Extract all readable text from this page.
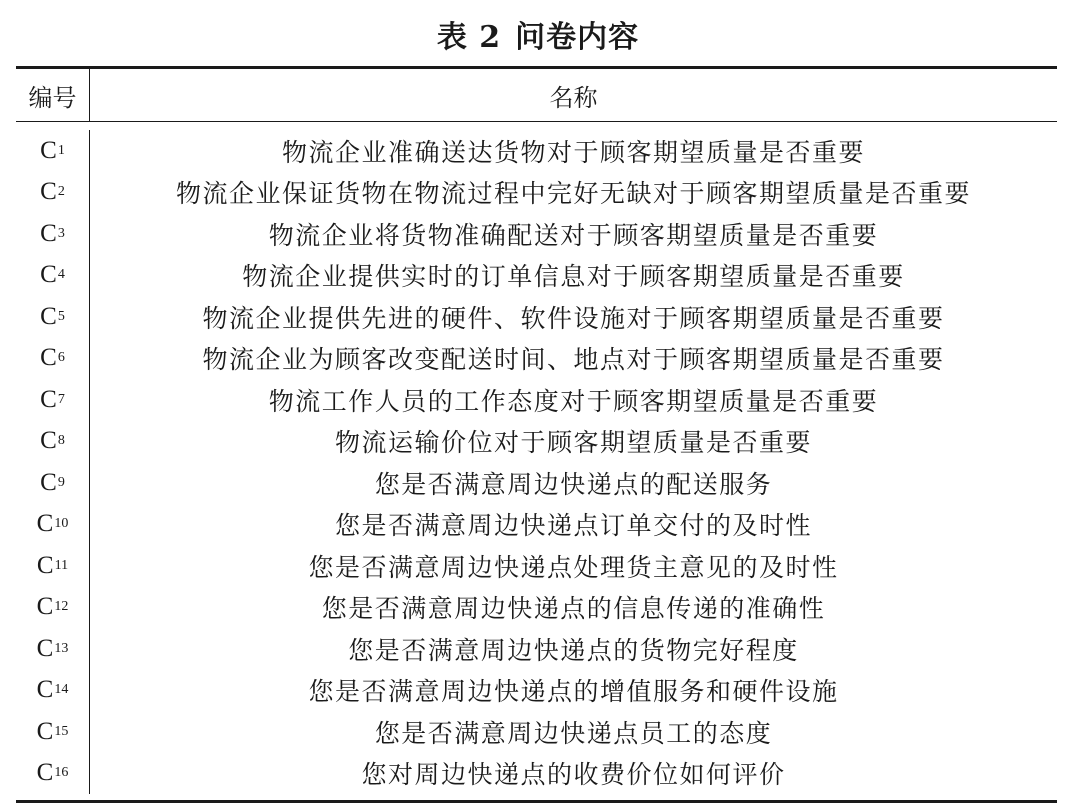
表 2 问卷内容
编号	名称
C 1	物流企业准确送达货物对于顾客期望质量是否重要
C 2	物流企业保证货物在物流过程中完好无缺对于顾客期望质量是否重要
C 3	物流企业将货物准确配送对于顾客期望质量是否重要
C 4	物流企业提供实时的订单信息对于顾客期望质量是否重要
C 5	物流企业提供先进的硬件、软件设施对于顾客期望质量是否重要
C 6	物流企业为顾客改变配送时间、地点对于顾客期望质量是否重要
C 7	物流工作人员的工作态度对于顾客期望质量是否重要
C 8	物流运输价位对于顾客期望质量是否重要
C 9	您是否满意周边快递点的配送服务
C 10	您是否满意周边快递点订单交付的及时性
C 11	您是否满意周边快递点处理货主意见的及时性
C 12	您是否满意周边快递点的信息传递的准确性
C 13	您是否满意周边快递点的货物完好程度
C 14	您是否满意周边快递点的增值服务和硬件设施
C 15	您是否满意周边快递点员工的态度
C 16	您对周边快递点的收费价位如何评价
